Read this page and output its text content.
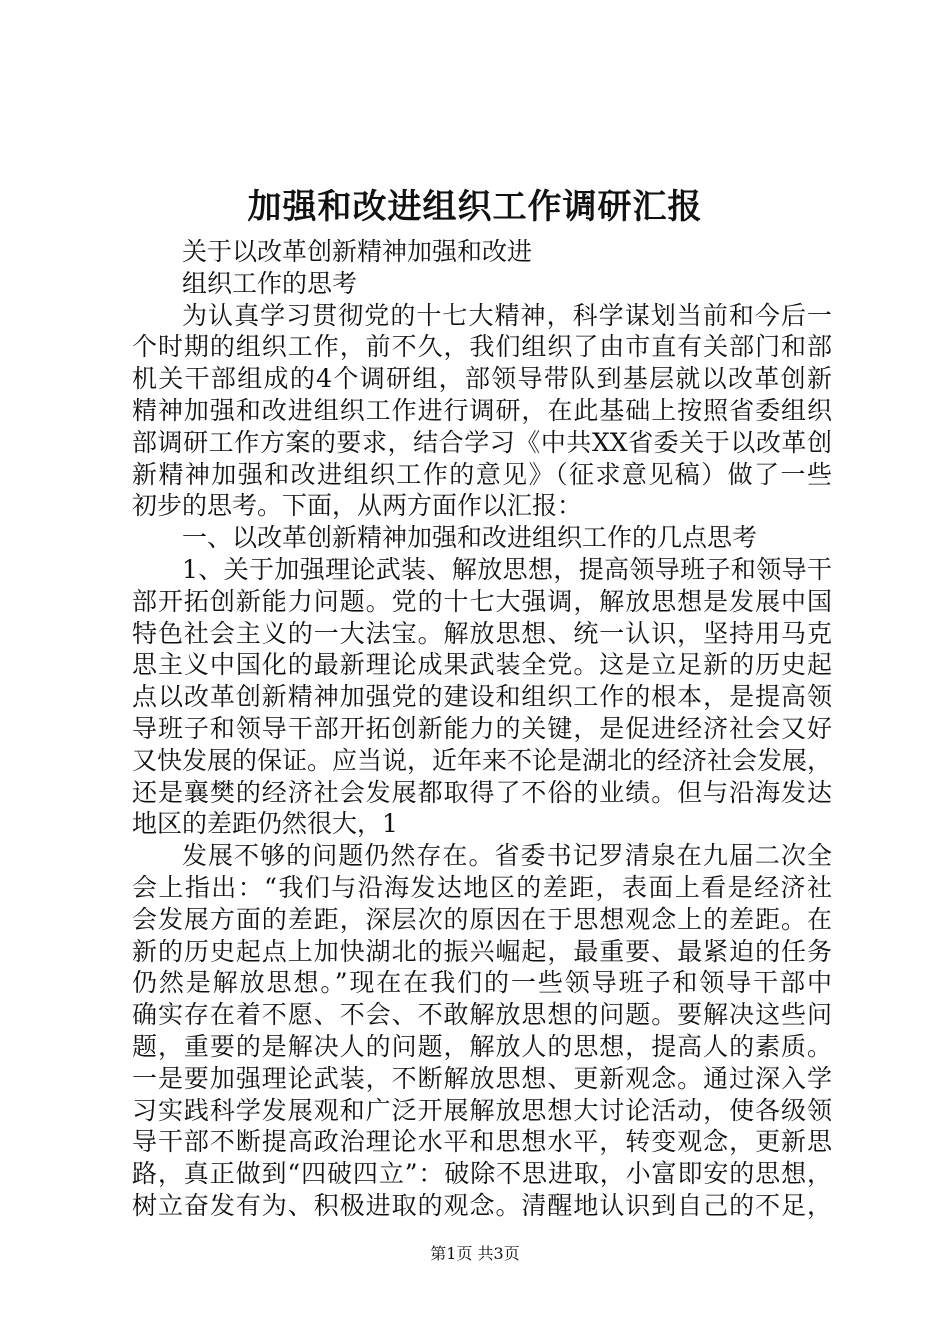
加强和改进组织工作调研汇报
关于以改革创新精神加强和改进
组织工作的思考
为认真学习贯彻党的十七大精神，科学谋划当前和今后一
个时期的组织工作，前不久，我们组织了由市直有关部门和部
机关干部组成的4个调研组，部领导带队到基层就以改革创新
精神加强和改进组织工作进行调研，在此基础上按照省委组织
部调研工作方案的要求，结合学习《中共XX省委关于以改革创
新精神加强和改进组织工作的意见》（征求意见稿）做了一些
初步的思考。下面，从两方面作以汇报：
一、以改革创新精神加强和改进组织工作的几点思考
1、关于加强理论武装、解放思想，提高领导班子和领导干
部开拓创新能力问题。党的十七大强调，解放思想是发展中国
特色社会主义的一大法宝。解放思想、统一认识，坚持用马克
思主义中国化的最新理论成果武装全党。这是立足新的历史起
点以改革创新精神加强党的建设和组织工作的根本，是提高领
导班子和领导干部开拓创新能力的关键，是促进经济社会又好
又快发展的保证。应当说，近年来不论是湖北的经济社会发展，
还是襄樊的经济社会发展都取得了不俗的业绩。但与沿海发达
地区的差距仍然很大，1
发展不够的问题仍然存在。省委书记罗清泉在九届二次全
会上指出：“我们与沿海发达地区的差距，表面上看是经济社
会发展方面的差距，深层次的原因在于思想观念上的差距。在
新的历史起点上加快湖北的振兴崛起，最重要、最紧迫的任务
仍然是解放思想。”现在在我们的一些领导班子和领导干部中
确实存在着不愿、不会、不敢解放思想的问题。要解决这些问
题，重要的是解决人的问题，解放人的思想，提高人的素质。
一是要加强理论武装，不断解放思想、更新观念。通过深入学
习实践科学发展观和广泛开展解放思想大讨论活动，使各级领
导干部不断提高政治理论水平和思想水平，转变观念，更新思
路，真正做到“四破四立”：破除不思进取，小富即安的思想，
树立奋发有为、积极进取的观念。清醒地认识到自己的不足，
第1页 共3页
